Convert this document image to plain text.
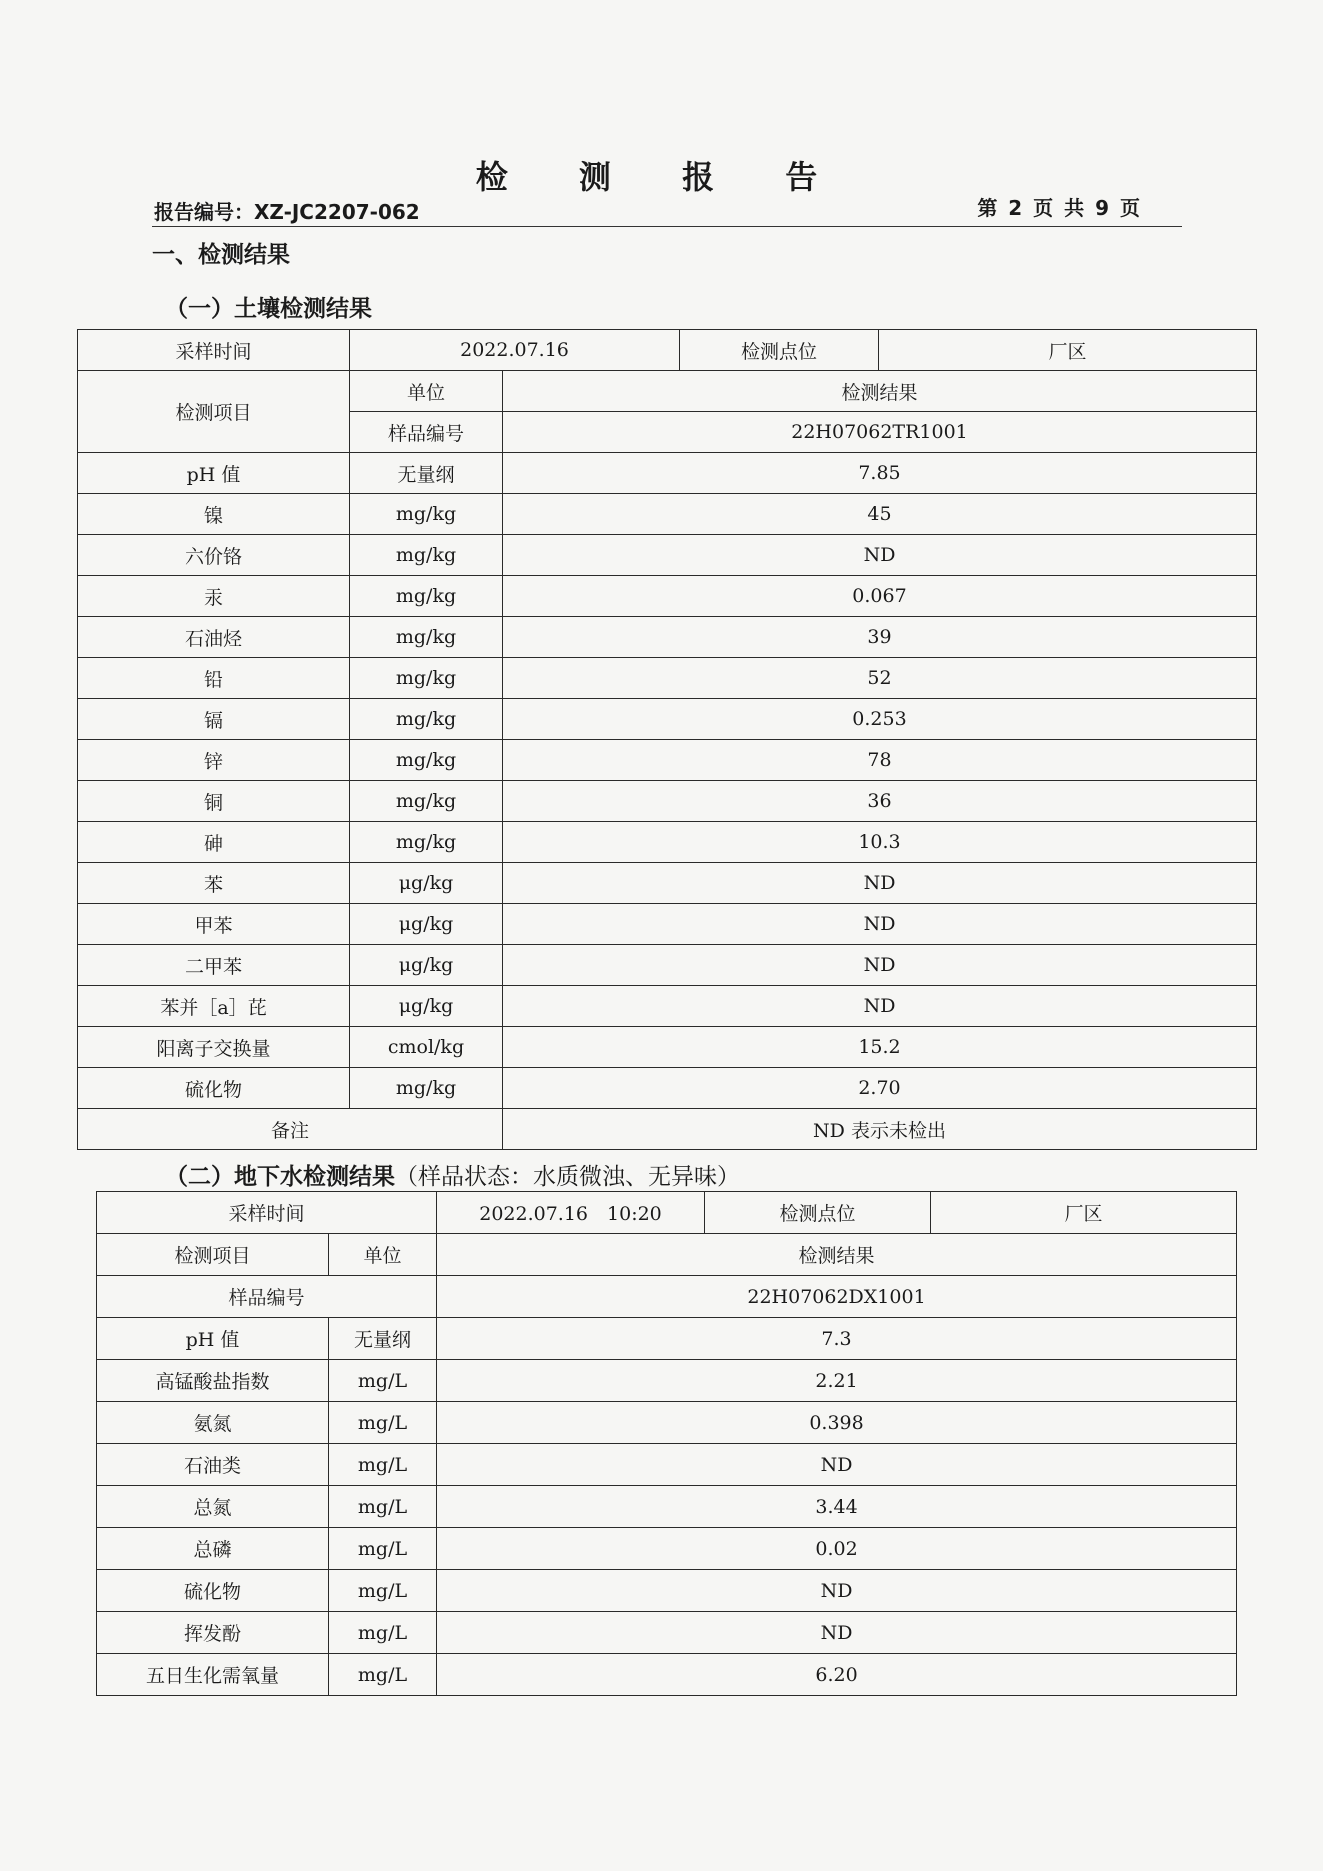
检 测 报 告
报告编号：XZ-JC2207-062	第 2 页 共 9 页
一、检测结果
（一）土壤检测结果
采样时间	2022.07.16		检测点位	厂区
检测项目	单位	检测结果		
	样品编号	22H07062TR1001		
pH 值	无量纲	7.85		
镍	mg/kg	45		
六价铬	mg/kg	ND		
汞	mg/kg	0.067		
石油烃	mg/kg	39		
铅	mg/kg	52		
镉	mg/kg	0.253		
锌	mg/kg	78		
铜	mg/kg	36		
砷	mg/kg	10.3		
苯	μg/kg	ND		
甲苯	μg/kg	ND		
二甲苯	μg/kg	ND		
苯并［a］芘	μg/kg	ND		
阳离子交换量	cmol/kg	15.2		
硫化物	mg/kg	2.70		
备注		ND 表示未检出		
（二）地下水检测结果（样品状态：水质微浊、无异味）
采样时间		2022.07.16　10:20	检测点位	厂区
检测项目	单位	检测结果		
样品编号		22H07062DX1001		
pH 值	无量纲	7.3		
高锰酸盐指数	mg/L	2.21		
氨氮	mg/L	0.398		
石油类	mg/L	ND		
总氮	mg/L	3.44		
总磷	mg/L	0.02		
硫化物	mg/L	ND		
挥发酚	mg/L	ND		
五日生化需氧量	mg/L	6.20		
